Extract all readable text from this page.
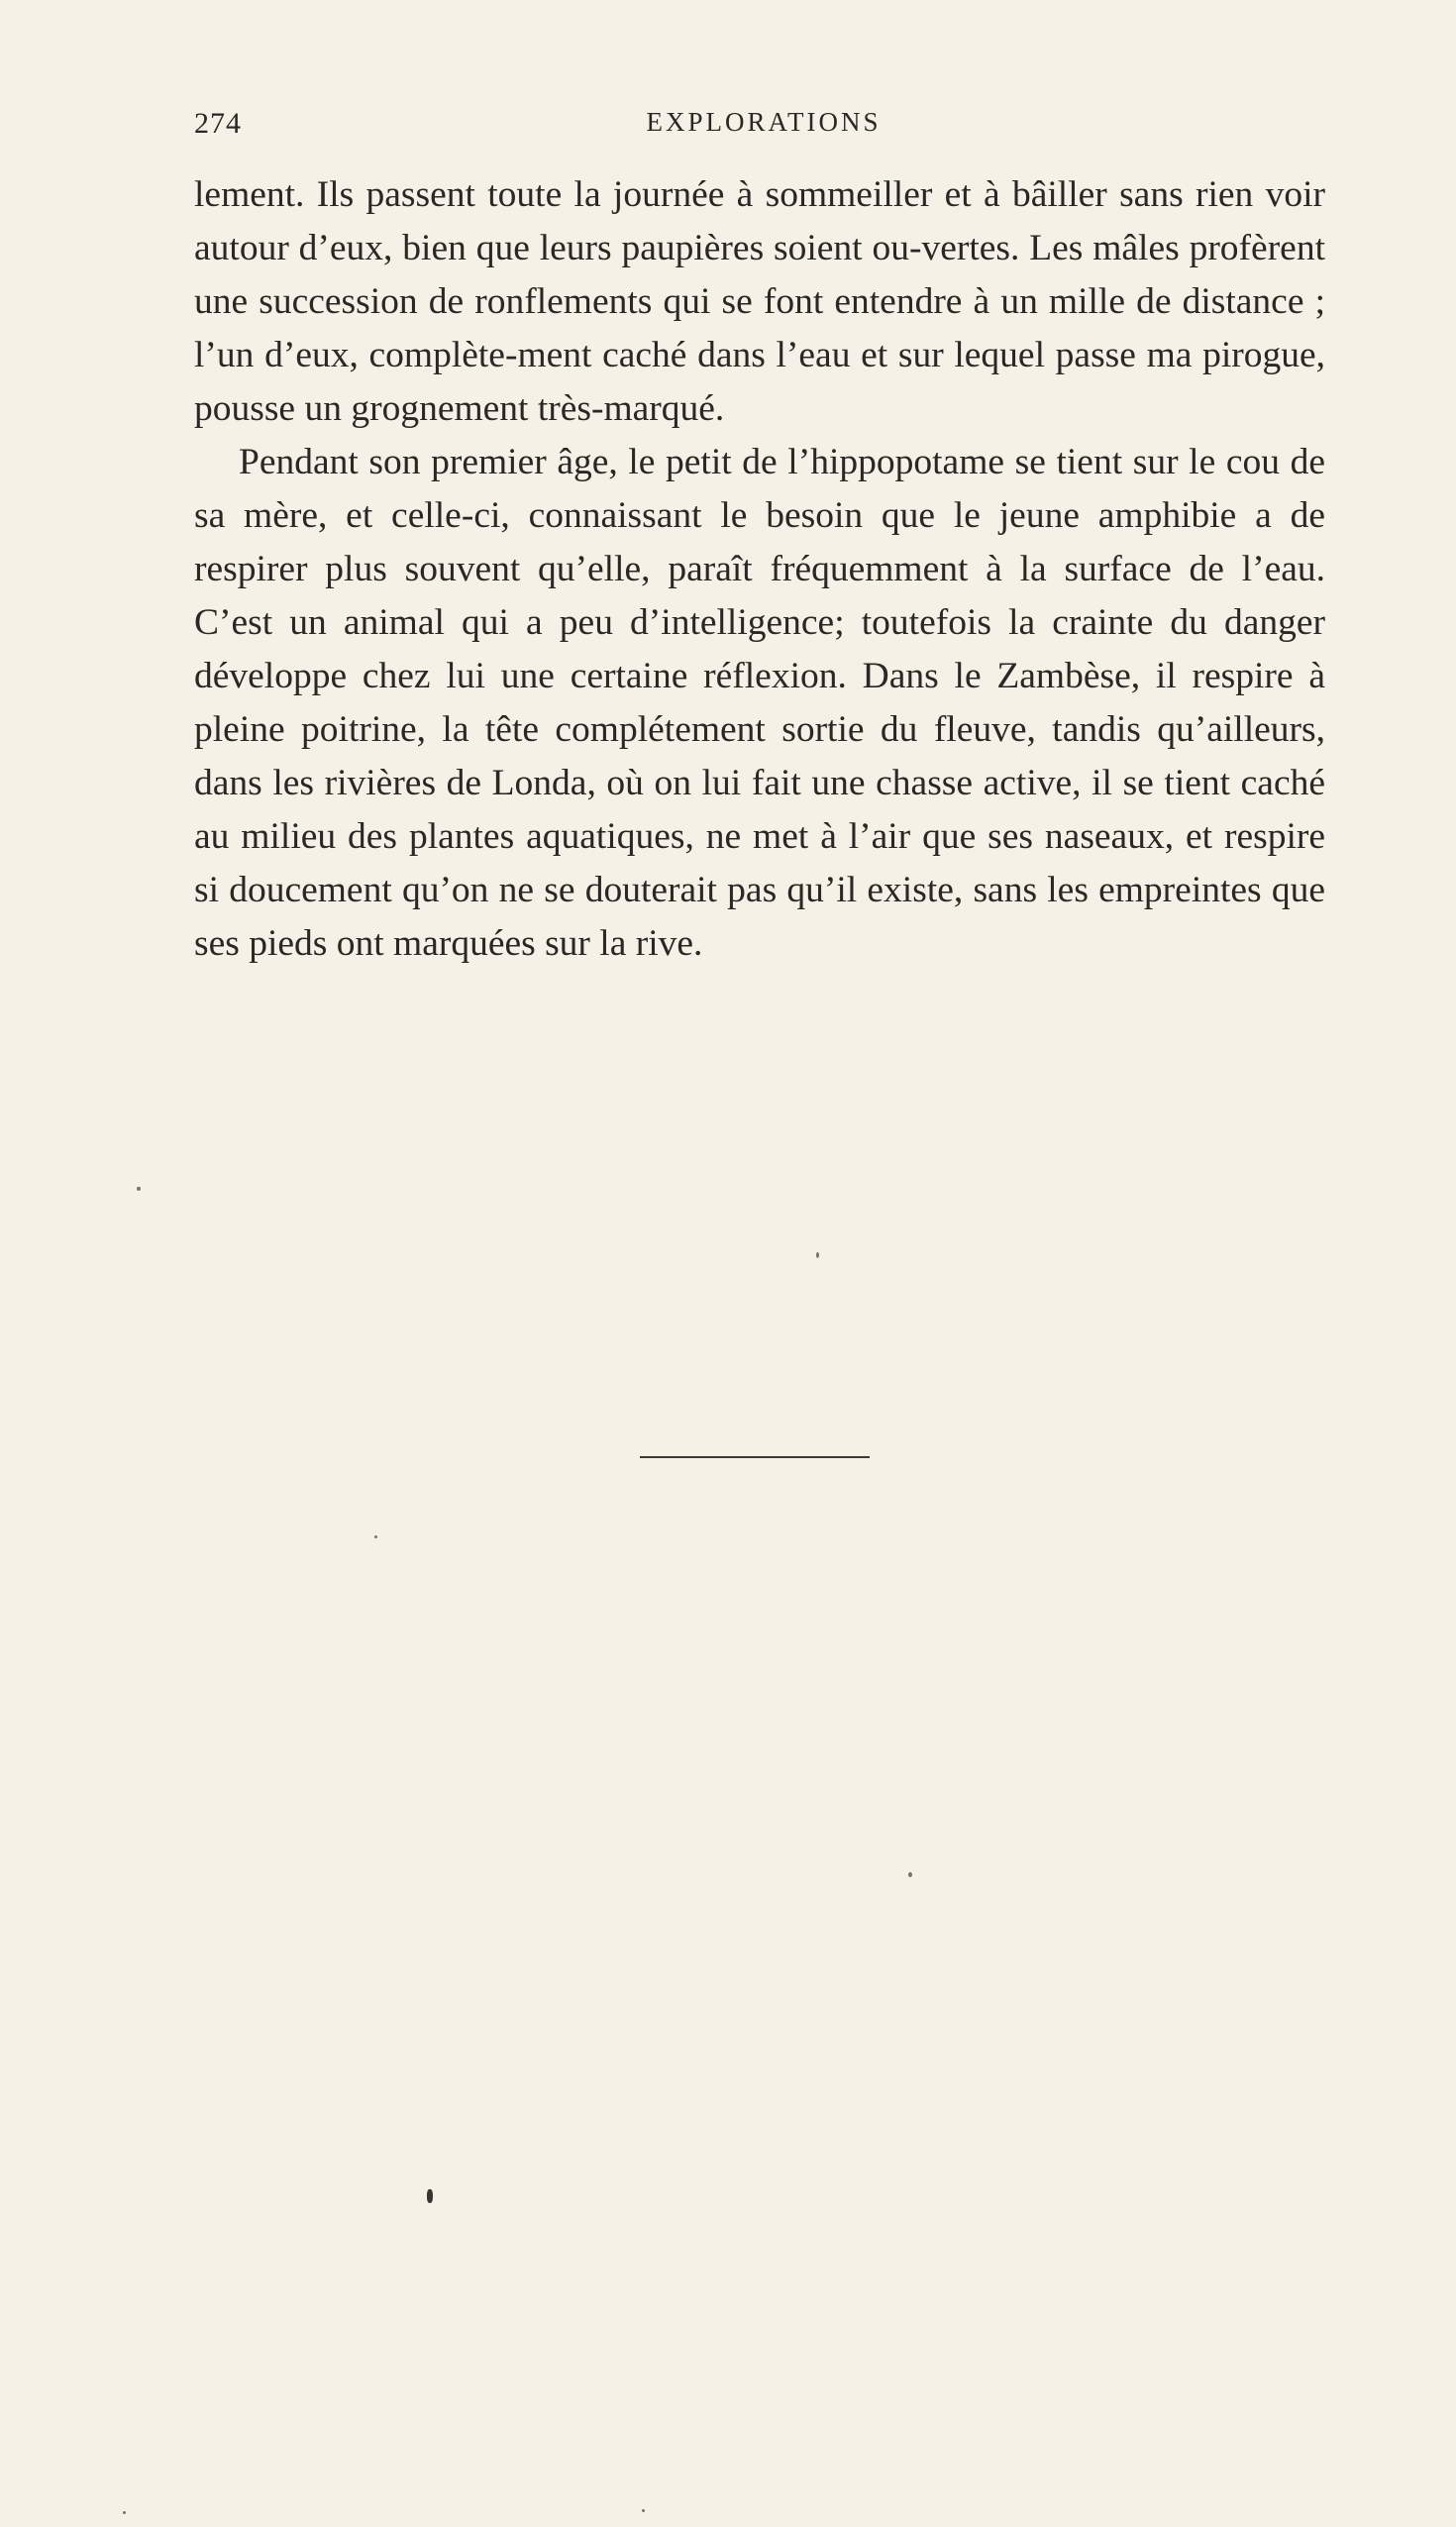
274	EXPLORATIONS

lement. Ils passent toute la journée à sommeiller et à bâiller sans rien voir autour d’eux, bien que leurs paupières soient ou-vertes. Les mâles profèrent une succession de ronflements qui se font entendre à un mille de distance ; l’un d’eux, complète-ment caché dans l’eau et sur lequel passe ma pirogue, pousse un grognement très-marqué.

Pendant son premier âge, le petit de l’hippopotame se tient sur le cou de sa mère, et celle-ci, connaissant le besoin que le jeune amphibie a de respirer plus souvent qu’elle, paraît fréquemment à la surface de l’eau. C’est un animal qui a peu d’intelligence; toutefois la crainte du danger développe chez lui une certaine réflexion. Dans le Zambèse, il respire à pleine poitrine, la tête complétement sortie du fleuve, tandis qu’ailleurs, dans les rivières de Londa, où on lui fait une chasse active, il se tient caché au milieu des plantes aquatiques, ne met à l’air que ses naseaux, et respire si doucement qu’on ne se douterait pas qu’il existe, sans les empreintes que ses pieds ont marquées sur la rive.
